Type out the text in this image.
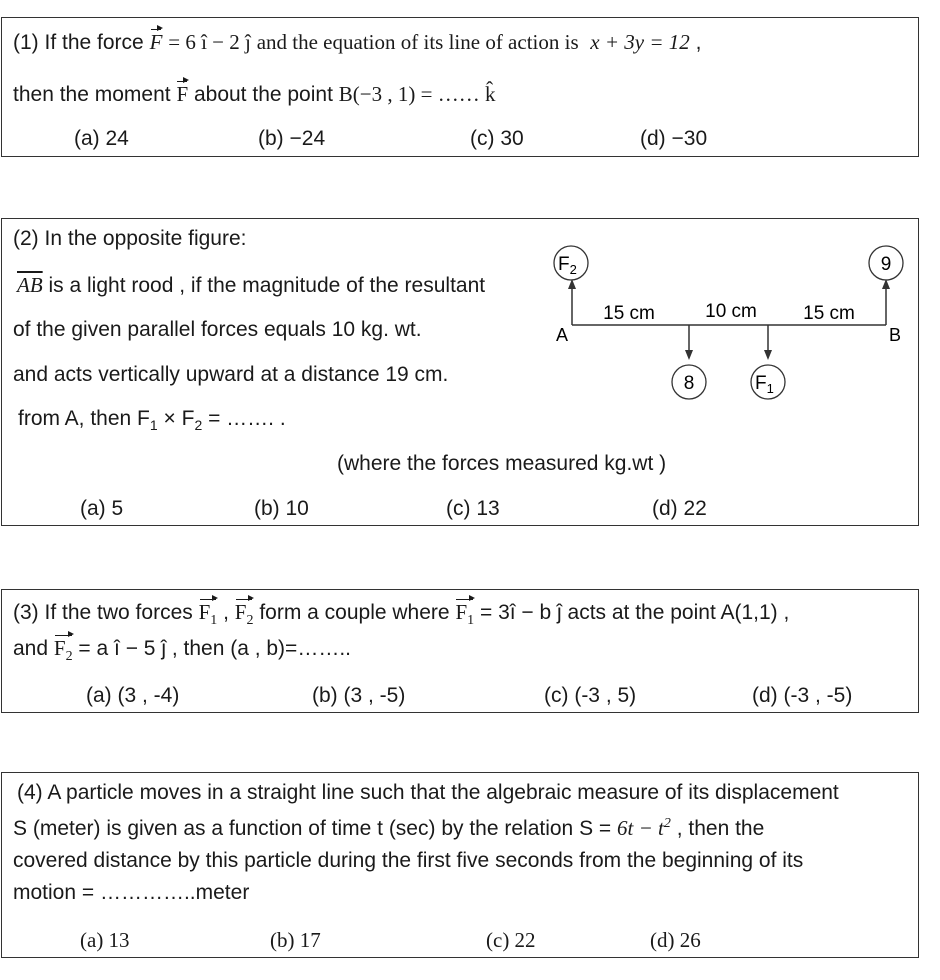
(1) If the force F = 6 î − 2 ĵ and the equation of its line of action is x + 3y = 12 ,
then the moment F about the point B(−3 , 1) = …… k̂
(a) 24	(b) −24	(c) 30	(d) −30
(2) In the opposite figure:
$\overline{AB}$ is a light rood , if the magnitude of the resultant
of the given parallel forces equals 10 kg. wt.
and acts vertically upward at a distance 19 cm.
from A, then $F_1 \times F_2$ = ……. .
(where the forces measured kg.wt )
$F_2$	9
8	$F_1$
15 cm	10 cm 15 cm
A	B
(a) 5	(b) 10	(c) 13	(d) 22
(3) If the two forces $F_1$ , $F_2$ form a couple where $F_1$ = 3î − b ĵ acts at the point A(1,1) ,
and $F_2 = a$ î − 5 ĵ , then (a , b)=……..
(a) (3 , -4)	(b) (3 , -5)	(c) (-3 , 5)	(d) (-3 , -5)
(4) A particle moves in a straight line such that the algebraic measure of its displacement
S (meter) is given as a function of time t (sec) by the relation $S = 6t - t^2$ , then the
covered distance by this particle during the first five seconds from the beginning of its
motion = …………..meter
(a) 13	(b) 17	(c) 22	(d) 26
